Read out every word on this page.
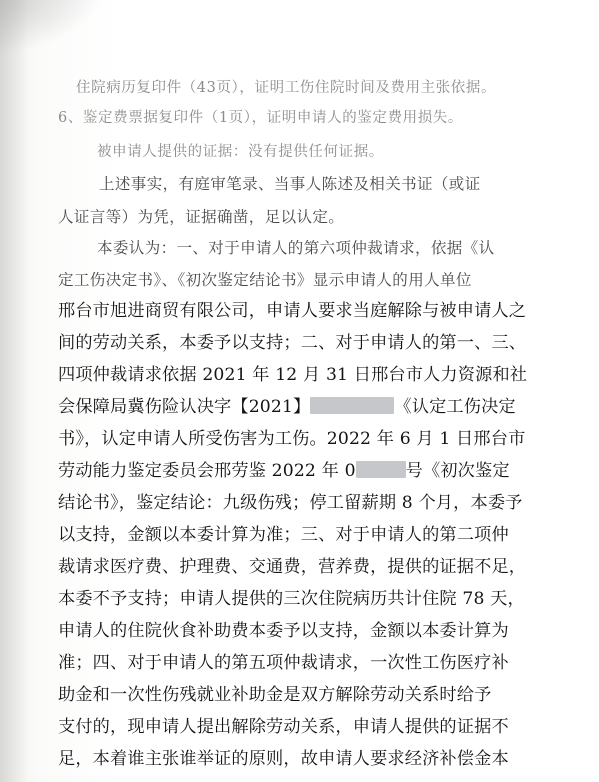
住院病历复印件（43页），证明工伤住院时间及费用主张依据。
6、鉴定费票据复印件（1页），证明申请人的鉴定费用损失。
被申请人提供的证据：没有提供任何证据。
上述事实，有庭审笔录、当事人陈述及相关书证（或证
人证言等）为凭，证据确凿，足以认定。
本委认为：一、对于申请人的第六项仲裁请求，依据《认
定工伤决定书》、《初次鉴定结论书》显示申请人的用人单位
邢台市旭进商贸有限公司，申请人要求当庭解除与被申请人之
间的劳动关系，本委予以支持；二、对于申请人的第一、三、
四项仲裁请求依据 2021 年 12 月 31 日邢台市人力资源和社
会保障局冀伤险认决字【2021】	《认定工伤决定
书》，认定申请人所受伤害为工伤。2022 年 6 月 1 日邢台市
劳动能力鉴定委员会邢劳鉴 2022 年 0	号《初次鉴定
结论书》，鉴定结论：九级伤残；停工留薪期 8 个月，本委予
以支持，金额以本委计算为准；三、对于申请人的第二项仲
裁请求医疗费、护理费、交通费，营养费，提供的证据不足，
本委不予支持；申请人提供的三次住院病历共计住院 78 天，
申请人的住院伙食补助费本委予以支持，金额以本委计算为
准；四、对于申请人的第五项仲裁请求，一次性工伤医疗补
助金和一次性伤残就业补助金是双方解除劳动关系时给予
支付的，现申请人提出解除劳动关系，申请人提供的证据不
足，本着谁主张谁举证的原则，故申请人要求经济补偿金本
